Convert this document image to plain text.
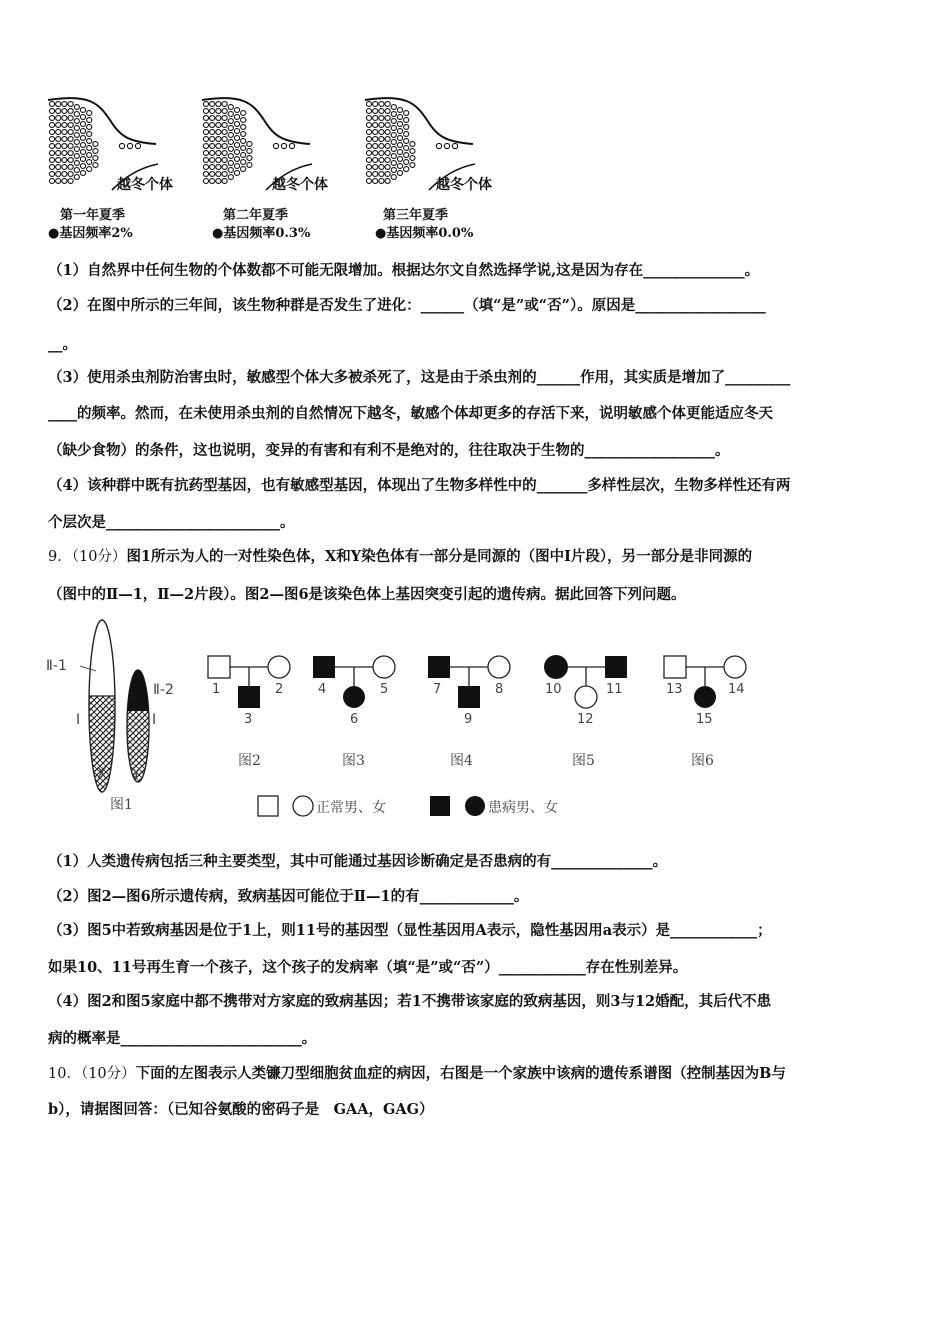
越冬个体	越冬个体	越冬个体
第一年夏季	第二年夏季	第三年夏季
●基因频率2%	●基因频率0.3%	●基因频率0.0%
（1）自然界中任何生物的个体数都不可能无限增加。根据达尔文自然选择学说,这是因为存在______________。
（2）在图中所示的三年间，该生物种群是否发生了进化：______（填“是”或“否”）。原因是__________________
__。
（3）使用杀虫剂防治害虫时，敏感型个体大多被杀死了，这是由于杀虫剂的______作用，其实质是增加了_________
____的频率。然而，在未使用杀虫剂的自然情况下越冬，敏感个体却更多的存活下来，说明敏感个体更能适应冬天
（缺少食物）的条件，这也说明，变异的有害和有利不是绝对的，往往取决于生物的__________________。
（4）该种群中既有抗药型基因，也有敏感型基因，体现出了生物多样性中的_______多样性层次，生物多样性还有两
个层次是________________________。
9．（10分）图1所示为人的一对性染色体，X和Y染色体有一部分是同源的（图中Ⅰ片段），另一部分是非同源的
（图中的Ⅱ—1，Ⅱ—2片段）。图2—图6是该染色体上基因突变引起的遗传病。据此回答下列问题。
Ⅱ-1
Ⅱ-2
Ⅰ	Ⅰ
X Y
图1
1	2
3
4	5
6
7	8
9
10	11
12
13	14
15
图2	图3	图4	图5	图6
正常男、女	患病男、女
（1）人类遗传病包括三种主要类型，其中可能通过基因诊断确定是否患病的有______________。
（2）图2—图6所示遗传病，致病基因可能位于Ⅱ—1的有_____________。
（3）图5中若致病基因是位于1上，则11号的基因型（显性基因用A表示，隐性基因用a表示）是____________；
如果10、11号再生育一个孩子，这个孩子的发病率（填“是”或“否”）____________存在性别差异。
（4）图2和图5家庭中都不携带对方家庭的致病基因；若1不携带该家庭的致病基因，则3与12婚配，其后代不患
病的概率是_________________________。
10．（10分）下面的左图表示人类镰刀型细胞贫血症的病因，右图是一个家族中该病的遗传系谱图（控制基因为B与
b），请据图回答：（已知谷氨酸的密码子是　GAA，GAG）
